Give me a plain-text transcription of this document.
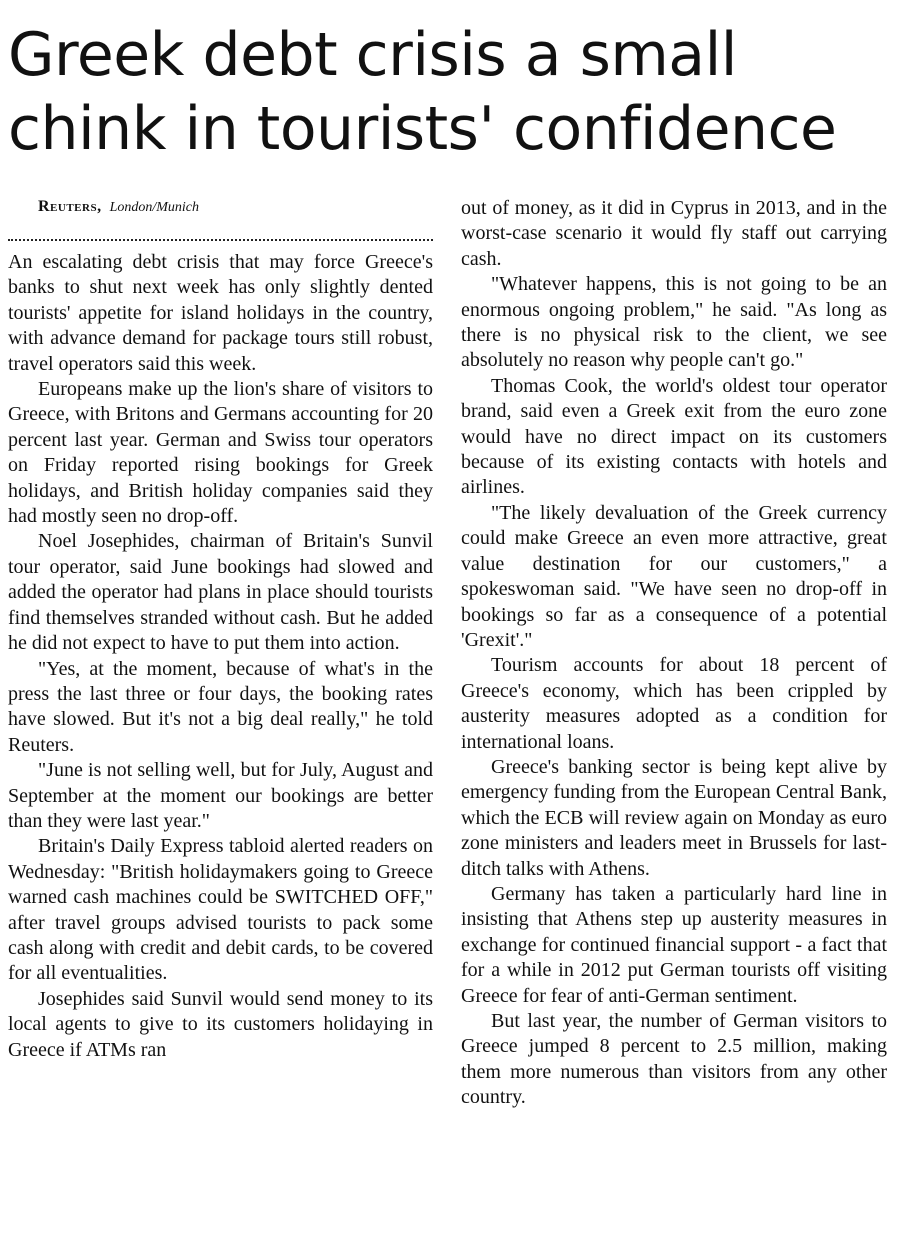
Greek debt crisis a small
chink in tourists' confidence

Reuters, London/Munich

An escalating debt crisis that may force Greece's banks to shut next week has only slightly dented tourists' appetite for island holidays in the country, with advance demand for package tours still robust, travel operators said this week.

Europeans make up the lion's share of visitors to Greece, with Britons and Germans accounting for 20 percent last year. German and Swiss tour operators on Friday reported rising bookings for Greek holidays, and British holiday companies said they had mostly seen no drop-off.

Noel Josephides, chairman of Britain's Sunvil tour operator, said June bookings had slowed and added the operator had plans in place should tourists find themselves stranded without cash. But he added he did not expect to have to put them into action.

"Yes, at the moment, because of what's in the press the last three or four days, the booking rates have slowed. But it's not a big deal really," he told Reuters.

"June is not selling well, but for July, August and September at the moment our bookings are better than they were last year."

Britain's Daily Express tabloid alerted readers on Wednesday: "British holidaymakers going to Greece warned cash machines could be SWITCHED OFF," after travel groups advised tourists to pack some cash along with credit and debit cards, to be covered for all eventualities.

Josephides said Sunvil would send money to its local agents to give to its customers holidaying in Greece if ATMs ran

out of money, as it did in Cyprus in 2013, and in the worst-case scenario it would fly staff out carrying cash.

"Whatever happens, this is not going to be an enormous ongoing problem," he said. "As long as there is no physical risk to the client, we see absolutely no reason why people can't go."

Thomas Cook, the world's oldest tour operator brand, said even a Greek exit from the euro zone would have no direct impact on its customers because of its existing contacts with hotels and airlines.

"The likely devaluation of the Greek currency could make Greece an even more attractive, great value destination for our customers," a spokeswoman said. "We have seen no drop-off in bookings so far as a consequence of a potential 'Grexit'."

Tourism accounts for about 18 percent of Greece's economy, which has been crippled by austerity measures adopted as a condition for international loans.

Greece's banking sector is being kept alive by emergency funding from the European Central Bank, which the ECB will review again on Monday as euro zone ministers and leaders meet in Brussels for last-ditch talks with Athens.

Germany has taken a particularly hard line in insisting that Athens step up austerity measures in exchange for continued financial support - a fact that for a while in 2012 put German tourists off visiting Greece for fear of anti-German sentiment.

But last year, the number of German visitors to Greece jumped 8 percent to 2.5 million, making them more numerous than visitors from any other country.
